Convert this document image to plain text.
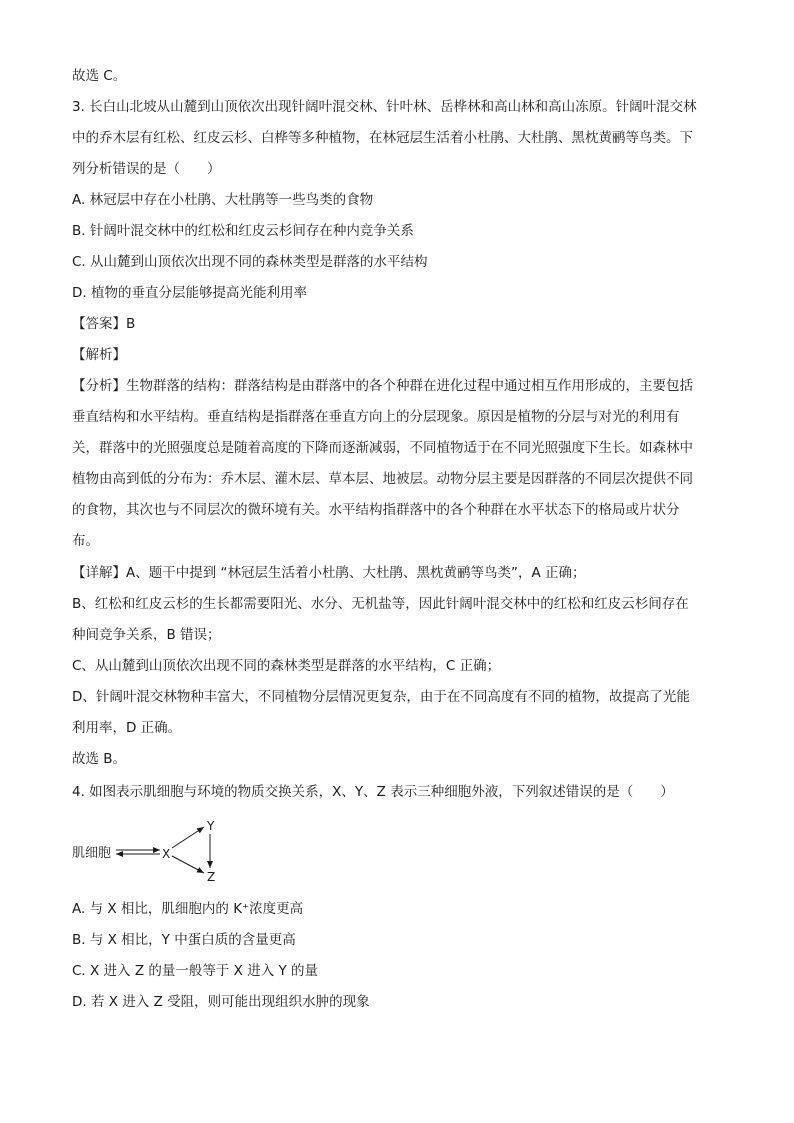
故选 C。
3. 长白山北坡从山麓到山顶依次出现针阔叶混交林、针叶林、岳桦林和高山林和高山冻原。针阔叶混交林
中的乔木层有红松、红皮云杉、白桦等多种植物，在林冠层生活着小杜鹃、大杜鹃、黑枕黄鹂等鸟类。下
列分析错误的是（　　）
A. 林冠层中存在小杜鹃、大杜鹃等一些鸟类的食物
B. 针阔叶混交林中的红松和红皮云杉间存在种内竞争关系
C. 从山麓到山顶依次出现不同的森林类型是群落的水平结构
D. 植物的垂直分层能够提高光能利用率
【答案】B
【解析】
【分析】生物群落的结构：群落结构是由群落中的各个种群在进化过程中通过相互作用形成的，主要包括
垂直结构和水平结构。垂直结构是指群落在垂直方向上的分层现象。原因是植物的分层与对光的利用有
关，群落中的光照强度总是随着高度的下降而逐渐减弱，不同植物适于在不同光照强度下生长。如森林中
植物由高到低的分布为：乔木层、灌木层、草本层、地被层。动物分层主要是因群落的不同层次提供不同
的食物，其次也与不同层次的微环境有关。水平结构指群落中的各个种群在水平状态下的格局或片状分
布。
【详解】A、题干中提到 “林冠层生活着小杜鹃、大杜鹃、黑枕黄鹂等鸟类”，A 正确；
B、红松和红皮云杉的生长都需要阳光、水分、无机盐等，因此针阔叶混交林中的红松和红皮云杉间存在
种间竞争关系，B 错误；
C、从山麓到山顶依次出现不同的森林类型是群落的水平结构，C 正确；
D、针阔叶混交林物种丰富大，不同植物分层情况更复杂，由于在不同高度有不同的植物，故提高了光能
利用率，D 正确。
故选 B。
4. 如图表示肌细胞与环境的物质交换关系，X、Y、Z 表示三种细胞外液，下列叙述错误的是（　　）
肌细胞	X
Y
Z
A. 与 X 相比，肌细胞内的 K⁺浓度更高
B. 与 X 相比，Y 中蛋白质的含量更高
C. X 进入 Z 的量一般等于 X 进入 Y 的量
D. 若 X 进入 Z 受阻，则可能出现组织水肿的现象
